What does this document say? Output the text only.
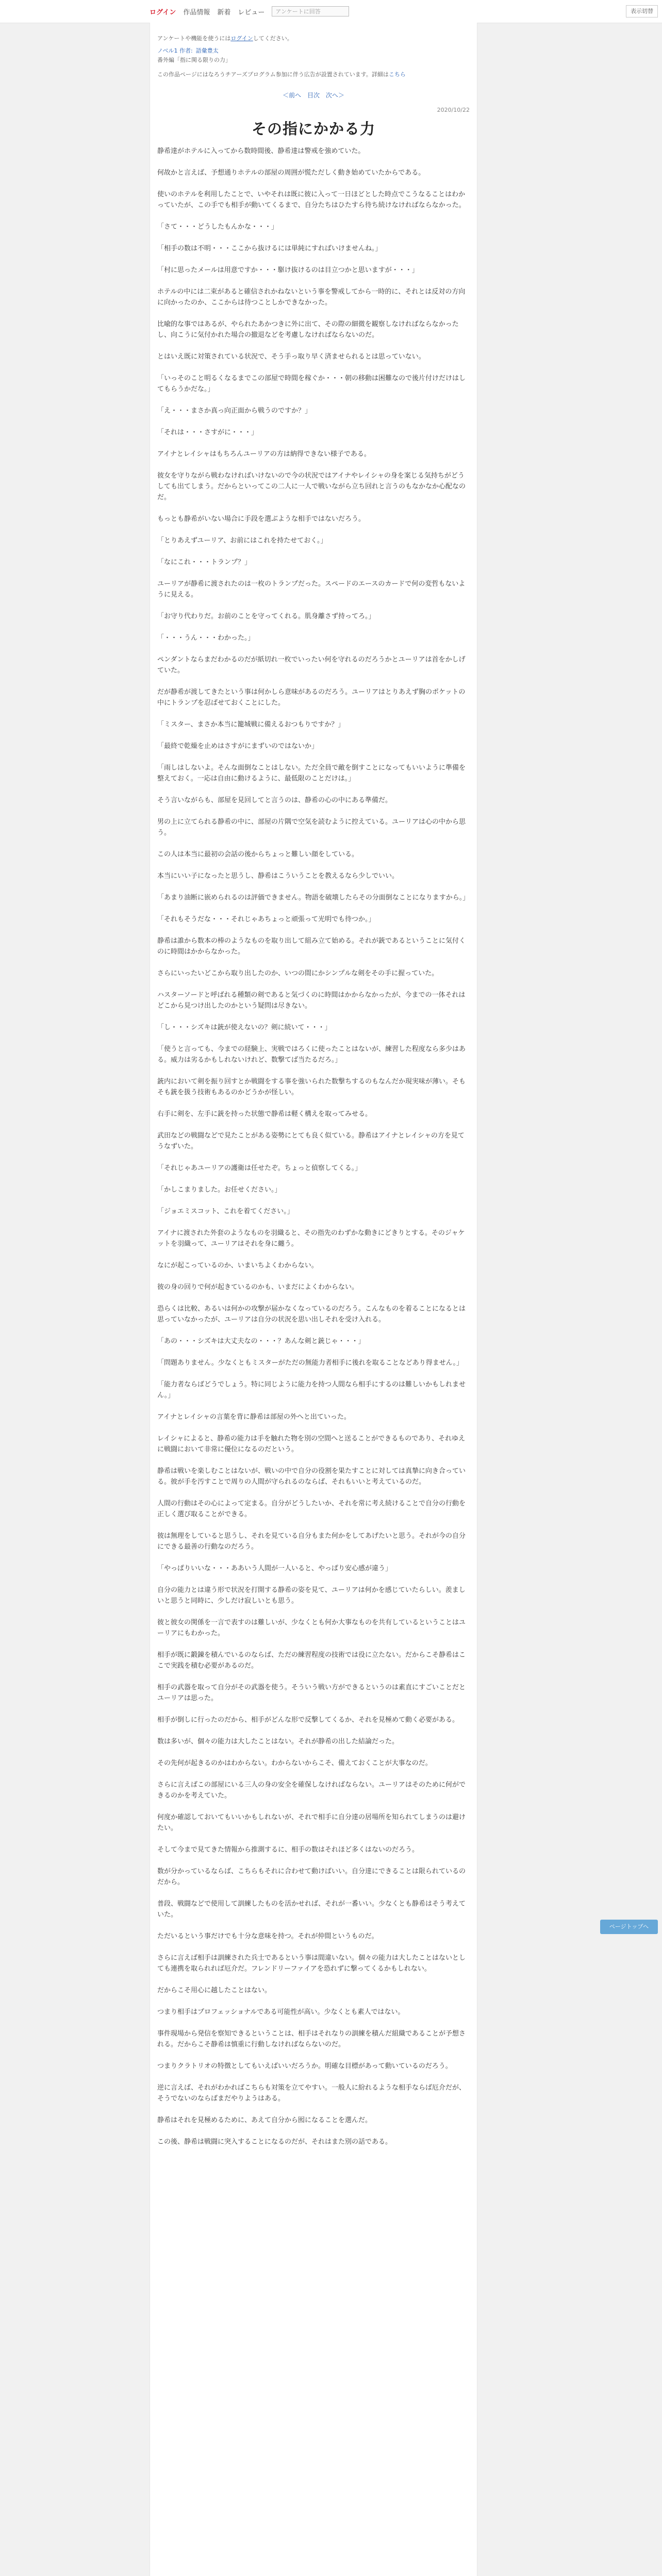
ログイン 作品情報 新着 レビュー	アンケートに回答	表示切替
アンケートや機能を使うにはログインしてください。
ノベル1 作者: 語彙豊太
番外編「指に関る限りの力」
この作品ページにはなろうチアーズプログラム参加に伴う広告が設置されています。詳細はこちら
＜前へ 目次 次へ＞
2020/10/22
その指にかかる力

静希達がホテルに入ってから数時間後、静希達は警戒を強めていた。

何故かと言えば、予想通りホテルの部屋の周囲が慌ただしく動き始めていたからである。

使いのホテルを利用したことで、いやそれは既に彼に入って一日ほどとした時点でこうなることはわかっていたが、この手でも相手が動いてくるまで、自分たちはひたすら待ち続けなければならなかった。

「さて・・・どうしたもんかな・・・」

「相手の数は不明・・・ここから抜けるには単純にすればいけませんね。」

「村に思ったメールは用意ですか・・・駆け抜けるのは目立つかと思いますが・・・」

ホテルの中には二束があると確信されかねないという事を警戒してから一時的に、それとは反対の方向に向かったのか、ここからは待つことしかできなかった。

比喩的な事ではあるが、やられたあかつきに外に出て、その際の細微を観察しなければならなかったし、向こうに気付かれた場合の撤退などを考慮しなければならないのだ。

とはいえ既に対策されている状況で、そう手っ取り早く済ませられるとは思っていない。

「いっそのこと明るくなるまでこの部屋で時間を稼ぐか・・・朝の移動は困難なので後片付けだけはしてもらうかだな。」

「え・・・まさか真っ向正面から戦うのですか？」

「それは・・・さすがに・・・」

アイナとレイシャはもちろんユーリアの方は納得できない様子である。

彼女を守りながら戦わなければいけないので今の状況ではアイナやレイシャの身を案じる気持ちがどうしても出てしまう。だからといってこの二人に一人で戦いながら立ち回れと言うのもなかなか心配なのだ。

もっとも静希がいない場合に手段を選ぶような相手ではないだろう。

「とりあえずユーリア、お前にはこれを持たせておく。」

「なにこれ・・・トランプ？」

ユーリアが静希に渡されたのは一枚のトランプだった。スペードのエースのカードで何の変哲もないように見える。

「お守り代わりだ。お前のことを守ってくれる。肌身離さず持ってろ。」

「・・・うん・・・わかった。」

ペンダントならまだわかるのだが紙切れ一枚でいったい何を守れるのだろうかとユーリアは首をかしげていた。

だが静希が渡してきたという事は何かしら意味があるのだろう。ユーリアはとりあえず胸のポケットの中にトランプを忍ばせておくことにした。

「ミスター、まさか本当に籠城戦に備えるおつもりですか？」

「最終で乾燥を止めはさすがにまずいのではないか」

「雨しはしないよ。そんな面倒なことはしない。ただ全員で敵を倒すことになってもいいように準備を整えておく。一応は自由に動けるように、最低限のことだけは。」

そう言いながらも、部屋を見回してと言うのは、静希の心の中にある準備だ。

男の上に立てられる静希の中に、部屋の片隅で空気を読むように控えている。ユーリアは心の中から思う。

この人は本当に最初の会話の後からちょっと難しい顔をしている。

本当にいい子になったと思うし、静希はこういうことを教えるなら少しでいい。

「あまり油断に嵌められるのは評価できません。物語を破壊したらその分面倒なことになりますから。」

「それもそうだな・・・それじゃあちょっと頑張って光明でも待つか。」

静希は誰から数本の棒のようなものを取り出して組み立て始める。それが銃であるということに気付くのに時間はかからなかった。

さらにいったいどこから取り出したのか、いつの間にかシンプルな剣をその手に握っていた。

ハスターソードと呼ばれる種類の剣であると気づくのに時間はかからなかったが、今までの一体それはどこから見つけ出したのかという疑問は尽きない。

「し・・・シズキは銃が使えないの？剣に続いて・・・」

「使うと言っても、今までの経験上、実戦ではろくに使ったことはないが、練習した程度なら多少はある。威力は劣るかもしれないけれど、数撃てば当たるだろ。」

銃内において剣を振り回すとか戦闘をする事を強いられた数撃ちするのもなんだか現実味が薄い。そもそも銃を扱う技術もあるのかどうかが怪しい。

右手に剣を、左手に銃を持った状態で静希は軽く構えを取ってみせる。

武田などの戦闘などで見たことがある姿勢にとても良く似ている。静希はアイナとレイシャの方を見てうなずいた。

「それじゃあユーリアの護衛は任せたぞ。ちょっと偵察してくる。」

「かしこまりました。お任せください。」

「ジョエミスコット、これを着てください。」

アイナに渡された外套のようなものを羽織ると、その指先のわずかな動きにどきりとする。そのジャケットを羽織って、ユーリアはそれを身に纏う。

なにが起こっているのか、いまいちよくわからない。

彼の身の回りで何が起きているのかも、いまだによくわからない。

恐らくは比較、あるいは何かの攻撃が届かなくなっているのだろう。こんなものを着ることになるとは思っていなかったが、ユーリアは自分の状況を思い出しそれを受け入れる。

「あの・・・シズキは大丈夫なの・・・？あんな剣と銃じゃ・・・」

「問題ありません。少なくともミスターがただの無能力者相手に後れを取ることなどあり得ません。」

「能力者ならばどうでしょう。特に同じように能力を持つ人間なら相手にするのは難しいかもしれません。」

アイナとレイシャの言葉を背に静希は部屋の外へと出ていった。

レイシャによると、静希の能力は手を触れた物を別の空間へと送ることができるものであり、それゆえに戦闘において非常に優位になるのだという。

静希は戦いを楽しむことはないが、戦いの中で自分の役割を果たすことに対しては真摯に向き合っている。彼が手を汚すことで周りの人間が守られるのならば、それもいいと考えているのだ。

人間の行動はその心によって定まる。自分がどうしたいか、それを常に考え続けることで自分の行動を正しく選び取ることができる。

彼は無理をしていると思うし、それを見ている自分もまた何かをしてあげたいと思う。それが今の自分にできる最善の行動なのだろう。

「やっぱりいいな・・・ああいう人間が一人いると、やっぱり安心感が違う」

自分の能力とは違う形で状況を打開する静希の姿を見て、ユーリアは何かを感じていたらしい。羨ましいと思うと同時に、少しだけ寂しいとも思う。

彼と彼女の関係を一言で表すのは難しいが、少なくとも何か大事なものを共有しているということはユーリアにもわかった。

相手が既に鍛錬を積んでいるのならば、ただの練習程度の技術では役に立たない。だからこそ静希はここで実践を積む必要があるのだ。

相手の武器を取って自分がその武器を使う。そういう戦い方ができるというのは素直にすごいことだとユーリアは思った。

相手が倒しに行ったのだから、相手がどんな形で反撃してくるか、それを見極めて動く必要がある。

数は多いが、個々の能力は大したことはない。それが静希の出した結論だった。

その先何が起きるのかはわからない。わからないからこそ、備えておくことが大事なのだ。

さらに言えばこの部屋にいる三人の身の安全を確保しなければならない。ユーリアはそのために何ができるのかを考えていた。

何度か確認しておいてもいいかもしれないが、それで相手に自分達の居場所を知られてしまうのは避けたい。

そして今まで見てきた情報から推測するに、相手の数はそれほど多くはないのだろう。

数が分かっているならば、こちらもそれに合わせて動けばいい。自分達にできることは限られているのだから。

普段、戦闘などで使用して訓練したものを活かせれば、それが一番いい。少なくとも静希はそう考えていた。

ただいるという事だけでも十分な意味を持つ。それが仲間というものだ。

さらに言えば相手は訓練された兵士であるという事は間違いない。個々の能力は大したことはないとしても連携を取られれば厄介だ。フレンドリーファイアを恐れずに撃ってくるかもしれない。

だからこそ用心に越したことはない。

つまり相手はプロフェッショナルである可能性が高い。少なくとも素人ではない。

事件現場から発信を察知できるということは、相手はそれなりの訓練を積んだ組織であることが予想される。だからこそ静希は慎重に行動しなければならないのだ。

つまりクラトリオの特徴としてもいえばいいだろうか。明確な目標があって動いているのだろう。

逆に言えば、それがわかればこちらも対策を立てやすい。一般人に紛れるような相手ならば厄介だが、そうでないのならばまだやりようはある。

静希はそれを見極めるために、あえて自分から囮になることを選んだ。

この後、静希は戦闘に突入することになるのだが、それはまた別の話である。

ページトップへ
